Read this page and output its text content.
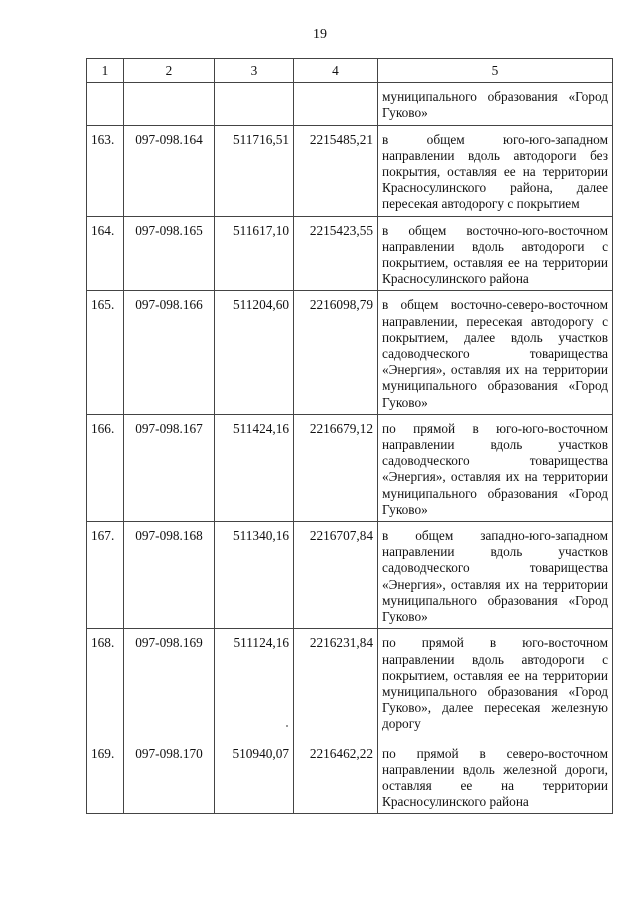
19
1	2	3	4	5
				муниципального образования «Город Гуково»
163.	097-098.164	511716,51	2215485,21	в общем юго-юго-западном направлении вдоль автодороги без покрытия, оставляя ее на территории Красносулинского района, далее пересекая автодорогу с покрытием
164.	097-098.165	511617,10	2215423,55	в общем восточно-юго-восточном направлении вдоль автодороги с покрытием, оставляя ее на территории Красносулинского района
165.	097-098.166	511204,60	2216098,79	в общем восточно-северо-восточном направлении, пересекая автодорогу с покрытием, далее вдоль участков садоводческого товарищества «Энергия», оставляя их на территории муниципального образования «Город Гуково»
166.	097-098.167	511424,16	2216679,12	по прямой в юго-юго-восточном направлении вдоль участков садоводческого товарищества «Энергия», оставляя их на территории муниципального образования «Город Гуково»
167.	097-098.168	511340,16	2216707,84	в общем западно-юго-западном направлении вдоль участков садоводческого товарищества «Энергия», оставляя их на территории муниципального образования «Город Гуково»
168.	097-098.169	511124,16	2216231,84	по прямой в юго-восточном направлении вдоль автодороги с покрытием, оставляя ее на территории муниципального образования «Город Гуково», далее пересекая железную дорогу
169.	097-098.170	510940,07	2216462,22	по прямой в северо-восточном направлении вдоль железной дороги, оставляя ее на территории Красносулинского района
